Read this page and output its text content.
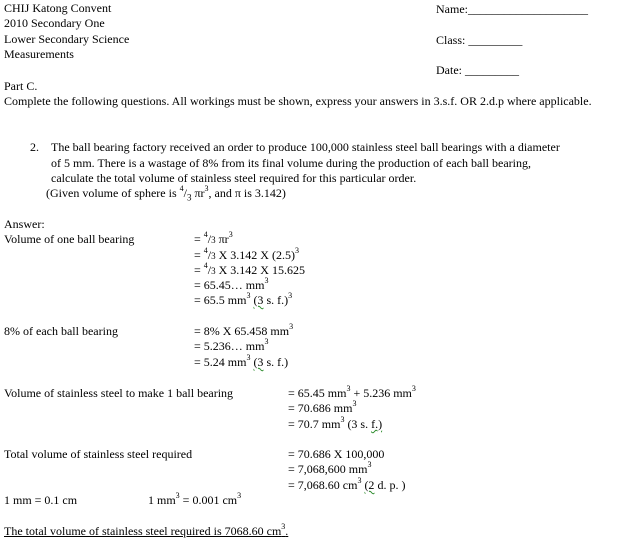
CHIJ Katong Convent
2010 Secondary One
Lower Secondary Science
Measurements
Name:____________________
Class: _________
Date: _________
Part C.
Complete the following questions. All workings must be shown, express your answers in 3.s.f. OR 2.d.p where applicable.
2. The ball bearing factory received an order to produce 100,000 stainless steel ball bearings with a diameter
of 5 mm. There is a wastage of 8% from its final volume during the production of each ball bearing,
calculate the total volume of stainless steel required for this particular order.
(Given volume of sphere is $^4/_3$ $\pi r^3$, and π is 3.142)
Answer:
Volume of one ball bearing	= $^4$/3 $\pi r^3$
= $^4$/3 X 3.142 X $(2.5)^3$
= $^4$/3 X 3.142 X 15.625
= 65.45… $mm^3$
= 65.5 $mm^3$ (3 s. f.)$^3$
8% of each ball bearing	= 8% X 65.458 $mm^3$
= 5.236… $mm^3$
= 5.24 $mm^3$ (3 s. f.)
Volume of stainless steel to make 1 ball bearing	= 65.45 $mm^3 + 5.236$ $mm^3$
= 70.686 $mm^3$
= 70.7 $mm^3$ (3 s. f.)
Total volume of stainless steel required	= 70.686 X 100,000
= 7,068,600 $mm^3$
= 7,068.60 $cm^3$ (2 d. p. )
1 mm = 0.1 cm	1 $mm^3 = 0.001$ $cm^3$
The total volume of stainless steel required is 7068.60 $cm^3$.
